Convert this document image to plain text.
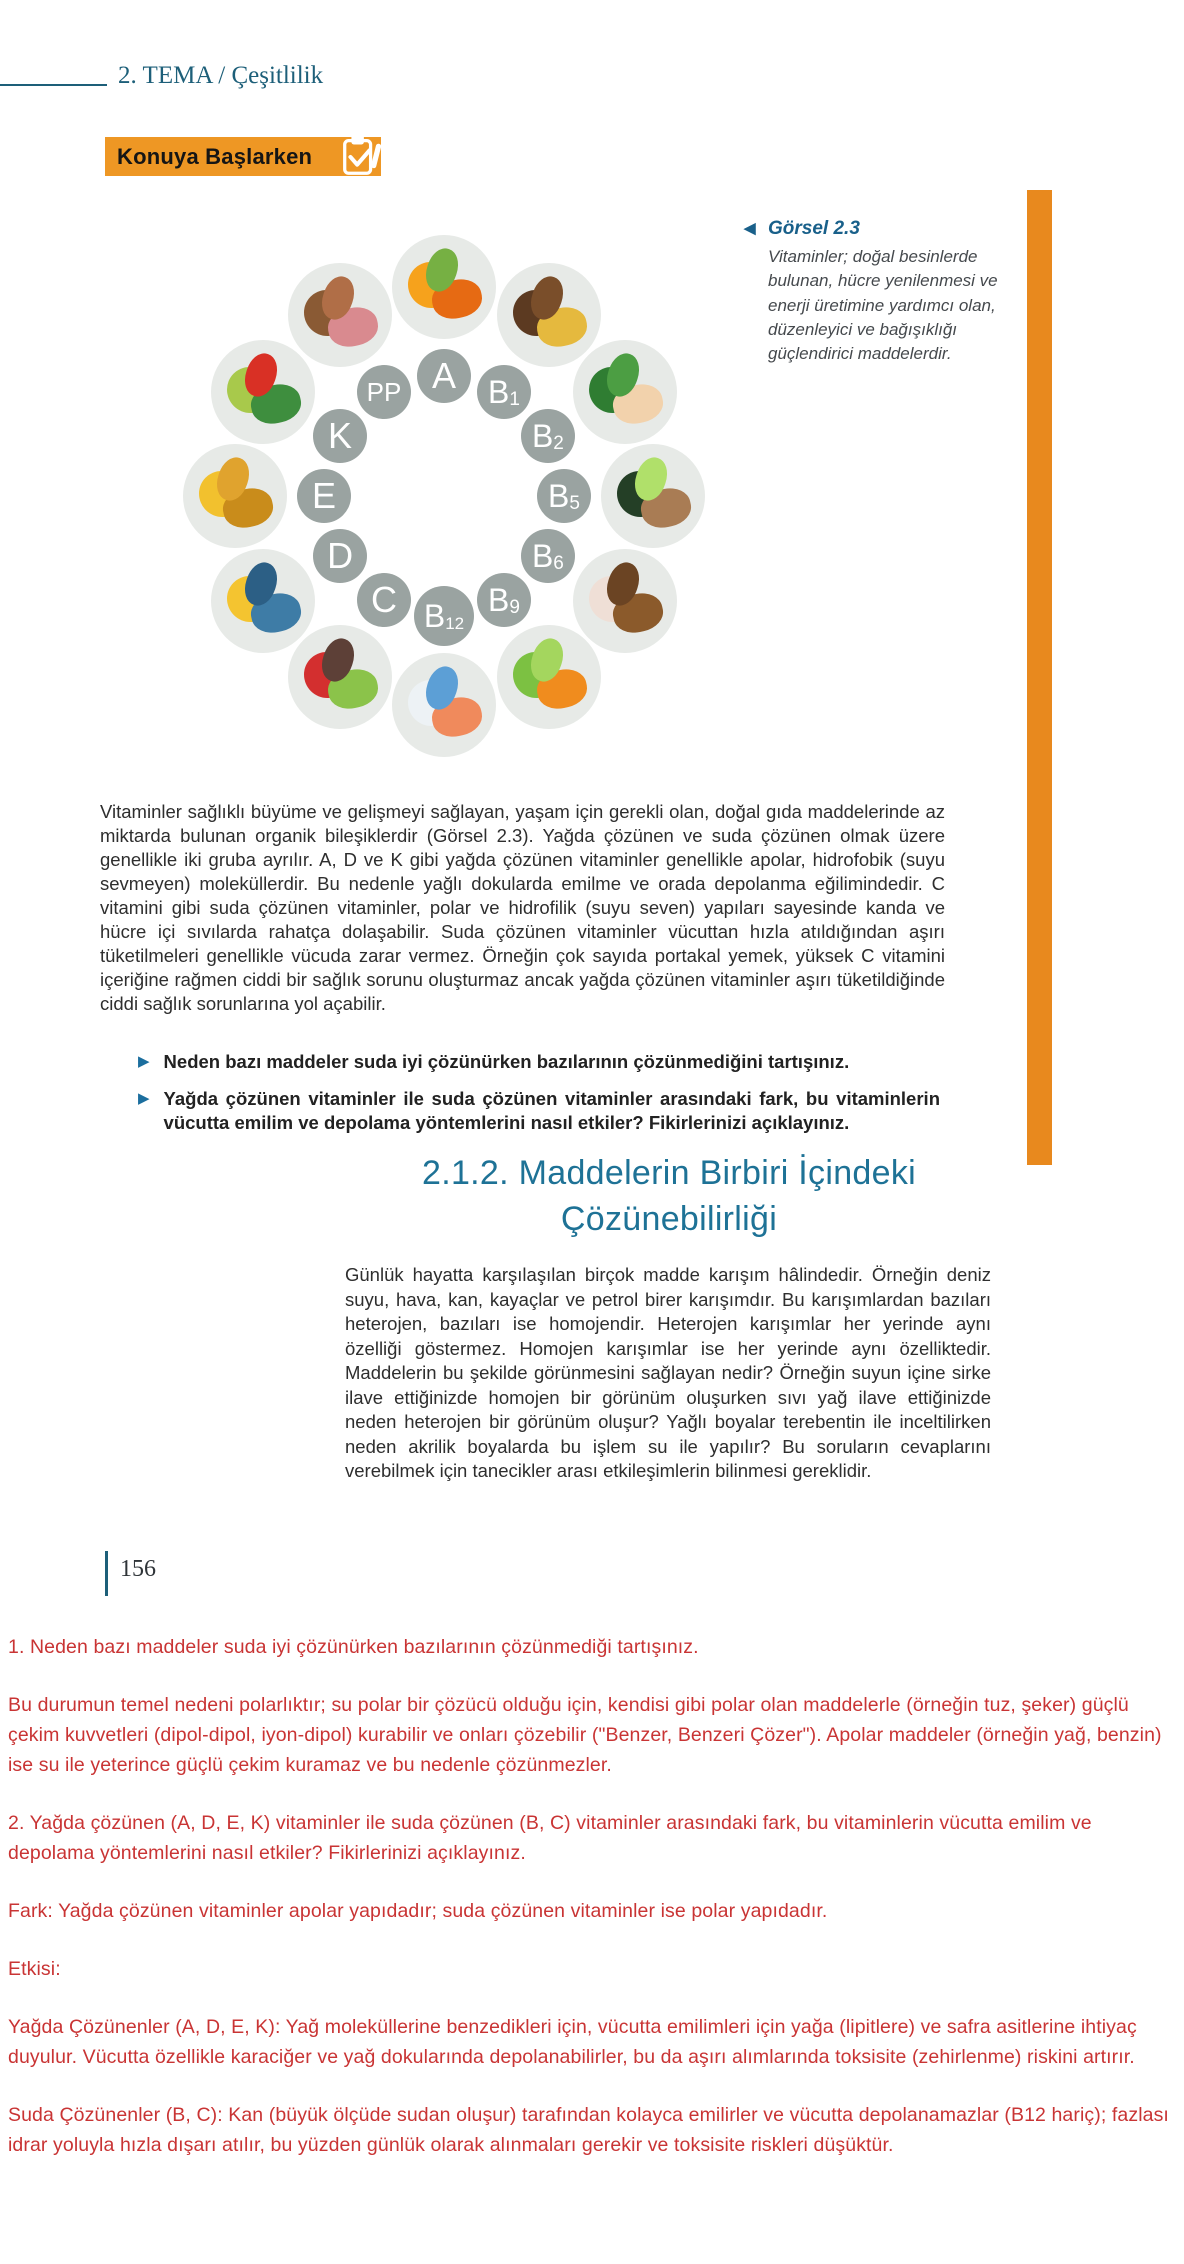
2. TEMA / Çeşitlilik
Konuya Başlarken
A B 1
B 2
B 5
B 6
B 9
B 12
C
D
E
K
PP
◀ Görsel 2.3
Vitaminler; doğal besinlerde bulunan, hücre yenilenmesi ve enerji üretimine yardımcı olan, düzenleyici ve bağışıklığı güçlendirici maddelerdir.

Vitaminler sağlıklı büyüme ve gelişmeyi sağlayan, yaşam için gerekli olan, doğal gıda maddelerinde az miktarda bulunan organik bileşiklerdir (Görsel 2.3). Yağda çözünen ve suda çözünen olmak üzere genellikle iki gruba ayrılır. A, D ve K gibi yağda çözünen vitaminler genellikle apolar, hidrofobik (suyu sevmeyen) moleküllerdir. Bu nedenle yağlı dokularda emilme ve orada depolanma eğilimindedir. C vitamini gibi suda çözünen vitaminler, polar ve hidrofilik (suyu seven) yapıları sayesinde kanda ve hücre içi sıvılarda rahatça dolaşabilir. Suda çözünen vitaminler vücuttan hızla atıldığından aşırı tüketilmeleri genellikle vücuda zarar vermez. Örneğin çok sayıda portakal yemek, yüksek C vitamini içeriğine rağmen ciddi bir sağlık sorunu oluşturmaz ancak yağda çözünen vitaminler aşırı tüketildiğinde ciddi sağlık sorunlarına yol açabilir.

▶ Neden bazı maddeler suda iyi çözünürken bazılarının çözünmediğini tartışınız.
▶ Yağda çözünen vitaminler ile suda çözünen vitaminler arasındaki fark, bu vitaminlerin vücutta emilim ve depolama yöntemlerini nasıl etkiler? Fikirlerinizi açıklayınız.
2.1.2. Maddelerin Birbiri İçindeki
Çözünebilirliği

Günlük hayatta karşılaşılan birçok madde karışım hâlindedir. Örneğin deniz suyu, hava, kan, kayaçlar ve petrol birer karışımdır. Bu karışımlardan bazıları heterojen, bazıları ise homojendir. Heterojen karışımlar her yerinde aynı özelliği göstermez. Homojen karışımlar ise her yerinde aynı özelliktedir. Maddelerin bu şekilde görünmesini sağlayan nedir? Örneğin suyun içine sirke ilave ettiğinizde homojen bir görünüm oluşurken sıvı yağ ilave ettiğinizde neden heterojen bir görünüm oluşur? Yağlı boyalar terebentin ile inceltilirken neden akrilik boyalarda bu işlem su ile yapılır? Bu soruların cevaplarını verebilmek için tanecikler arası etkileşimlerin bilinmesi gereklidir.

156

1. Neden bazı maddeler suda iyi çözünürken bazılarının çözünmediği tartışınız.

Bu durumun temel nedeni polarlıktır; su polar bir çözücü olduğu için, kendisi gibi polar olan maddelerle (örneğin tuz, şeker) güçlü çekim kuvvetleri (dipol-dipol, iyon-dipol) kurabilir ve onları çözebilir ("Benzer, Benzeri Çözer"). Apolar maddeler (örneğin yağ, benzin) ise su ile yeterince güçlü çekim kuramaz ve bu nedenle çözünmezler.

2. Yağda çözünen (A, D, E, K) vitaminler ile suda çözünen (B, C) vitaminler arasındaki fark, bu vitaminlerin vücutta emilim ve depolama yöntemlerini nasıl etkiler? Fikirlerinizi açıklayınız.

Fark: Yağda çözünen vitaminler apolar yapıdadır; suda çözünen vitaminler ise polar yapıdadır.

Etkisi:

Yağda Çözünenler (A, D, E, K): Yağ moleküllerine benzedikleri için, vücutta emilimleri için yağa (lipitlere) ve safra asitlerine ihtiyaç duyulur. Vücutta özellikle karaciğer ve yağ dokularında depolanabilirler, bu da aşırı alımlarında toksisite (zehirlenme) riskini artırır.

Suda Çözünenler (B, C): Kan (büyük ölçüde sudan oluşur) tarafından kolayca emilirler ve vücutta depolanamazlar (B12 hariç); fazlası idrar yoluyla hızla dışarı atılır, bu yüzden günlük olarak alınmaları gerekir ve toksisite riskleri düşüktür.
